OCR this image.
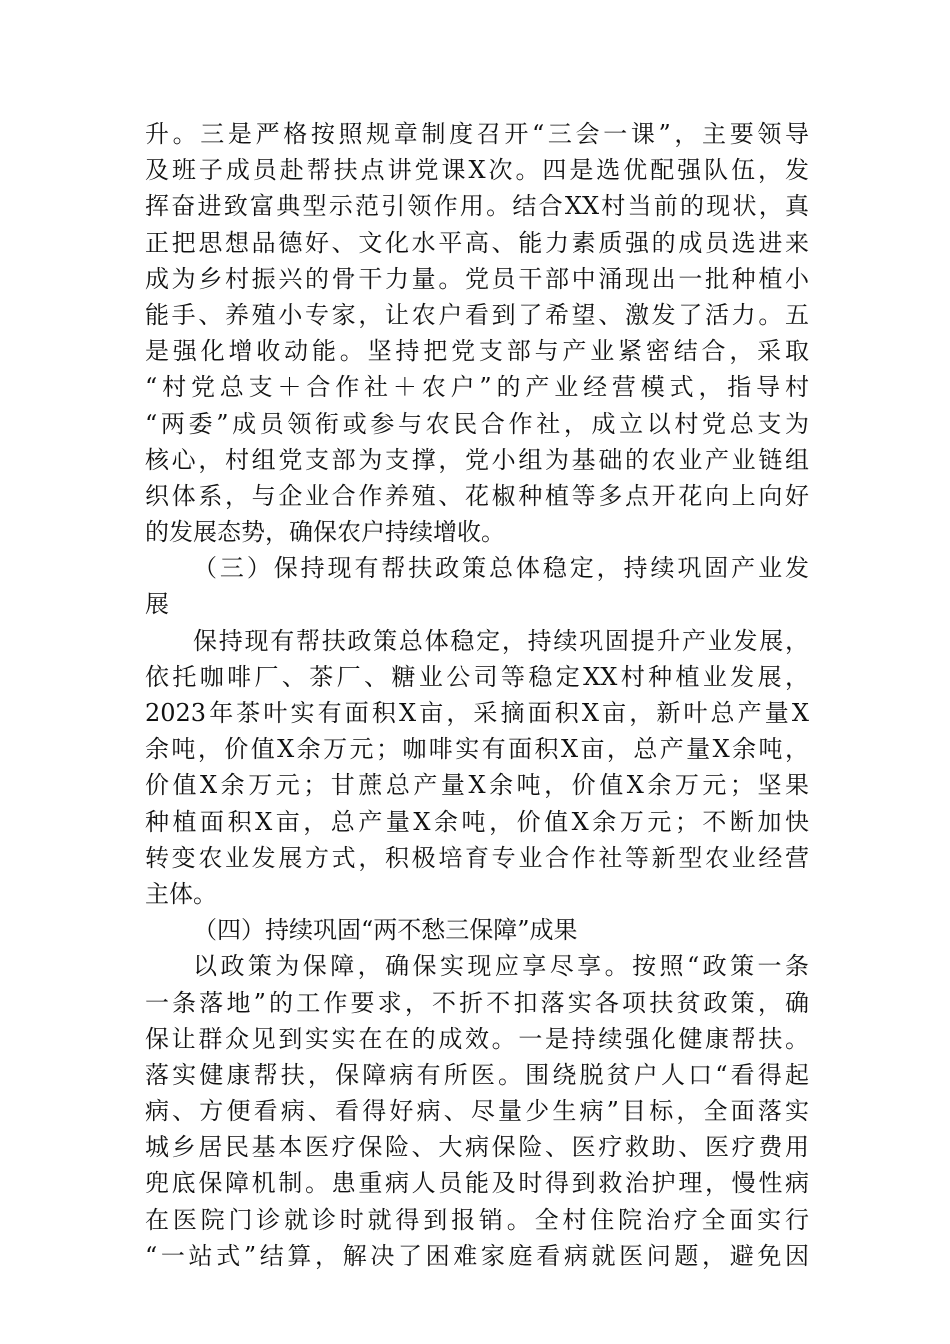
升。三是严格按照规章制度召开“三会一课”，主要领导
及班子成员赴帮扶点讲党课X次。四是选优配强队伍，发
挥奋进致富典型示范引领作用。结合XX村当前的现状，真
正把思想品德好、文化水平高、能力素质强的成员选进来
成为乡村振兴的骨干力量。党员干部中涌现出一批种植小
能手、养殖小专家，让农户看到了希望、激发了活力。五
是强化增收动能。坚持把党支部与产业紧密结合，采取
“村党总支＋合作社＋农户”的产业经营模式，指导村
“两委”成员领衔或参与农民合作社，成立以村党总支为
核心，村组党支部为支撑，党小组为基础的农业产业链组
织体系，与企业合作养殖、花椒种植等多点开花向上向好
的发展态势，确保农户持续增收。
（三）保持现有帮扶政策总体稳定，持续巩固产业发
展
保持现有帮扶政策总体稳定，持续巩固提升产业发展，
依托咖啡厂、茶厂、糖业公司等稳定XX村种植业发展，
2023年茶叶实有面积X亩，采摘面积X亩，新叶总产量X
余吨，价值X余万元；咖啡实有面积X亩，总产量X余吨，
价值X余万元；甘蔗总产量X余吨，价值X余万元；坚果
种植面积X亩，总产量X余吨，价值X余万元；不断加快
转变农业发展方式，积极培育专业合作社等新型农业经营
主体。
（四）持续巩固“两不愁三保障”成果
以政策为保障，确保实现应享尽享。按照“政策一条
一条落地”的工作要求，不折不扣落实各项扶贫政策，确
保让群众见到实实在在的成效。一是持续强化健康帮扶。
落实健康帮扶，保障病有所医。围绕脱贫户人口“看得起
病、方便看病、看得好病、尽量少生病”目标，全面落实
城乡居民基本医疗保险、大病保险、医疗救助、医疗费用
兜底保障机制。患重病人员能及时得到救治护理，慢性病
在医院门诊就诊时就得到报销。全村住院治疗全面实行
“一站式”结算，解决了困难家庭看病就医问题，避免因
